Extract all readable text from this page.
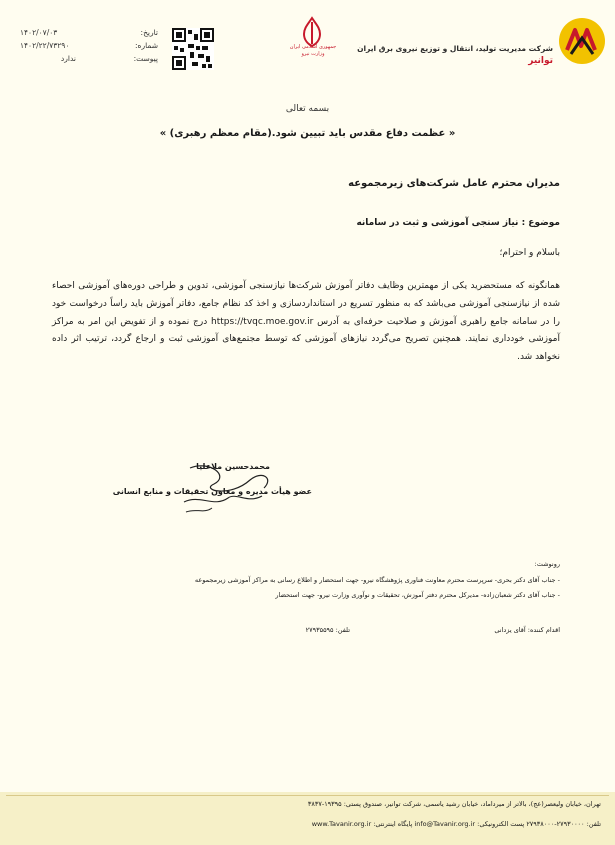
شرکت مدیریت تولید، انتقال و توزیع نیروی برق ایران
توانیر
جمهوری اسلامی ایران
وزارت نیرو
تاریخ:
شماره:
پیوست:
۱۴۰۲/۰۷/۰۳
۱۴۰۲/۲۲/۷۳۲۹۰
ندارد
بسمه تعالی
« عظمت دفاع مقدس باید تبیین شود.(مقام معظم رهبری) »
مدیران محترم عامل شرکت‌های زیرمجموعه
موضوع : نیاز سنجی آموزشی و ثبت در سامانه
باسلام و احترام؛
همانگونه که مستحضرید یکی از مهمترین وظایف دفاتر آموزش شرکت‌ها نیازسنجی آموزشی، تدوین و طراحی دوره‌های آموزشی احصاء شده از نیازسنجی آموزشی می‌باشد که به منظور تسریع در استانداردسازی و اخذ کد نظام جامع، دفاتر آموزش باید راساً درخواست خود را در سامانه جامع راهبری آموزش و صلاحیت حرفه‌ای به آدرس https://tvqc.moe.gov.ir درج نموده و از تفویض این امر به مراکز آموزشی خودداری نمایند. همچنین تصریح می‌گردد نیازهای آموزشی که توسط مجتمع‌های آموزشی ثبت و ارجاع گردد، ترتیب اثر داده نخواهد شد.
محمدحسین ملاعلیا
عضو هیأت مدیره و معاون تحقیقات و منابع انسانی
رونوشت:
- جناب آقای دکتر بحری- سرپرست محترم معاونت فناوری پژوهشگاه نیرو- جهت استحضار و اطلاع رسانی به مراکز آموزشی زیرمجموعه
- جناب آقای دکتر شعبان‌زاده- مدیرکل محترم دفتر آموزش، تحقیقات و نوآوری وزارت نیرو- جهت استحضار
اقدام کننده: آقای یزدانی
تلفن: ۲۷۹۳۵۵۹۵
تهران، خیابان ولیعصر(عج)، بالاتر از میرداماد، خیابان رشید یاسمی، شرکت توانیر، صندوق پستی: ۱۹۳۹۵-۳۸۳۷
تلفن: ۲۷۹۳۰۰۰۰-۲۷۹۳۸۰۰۰ پست الکترونیکی: info@Tavanir.org.ir پایگاه اینترنتی: www.Tavanir.org.ir
